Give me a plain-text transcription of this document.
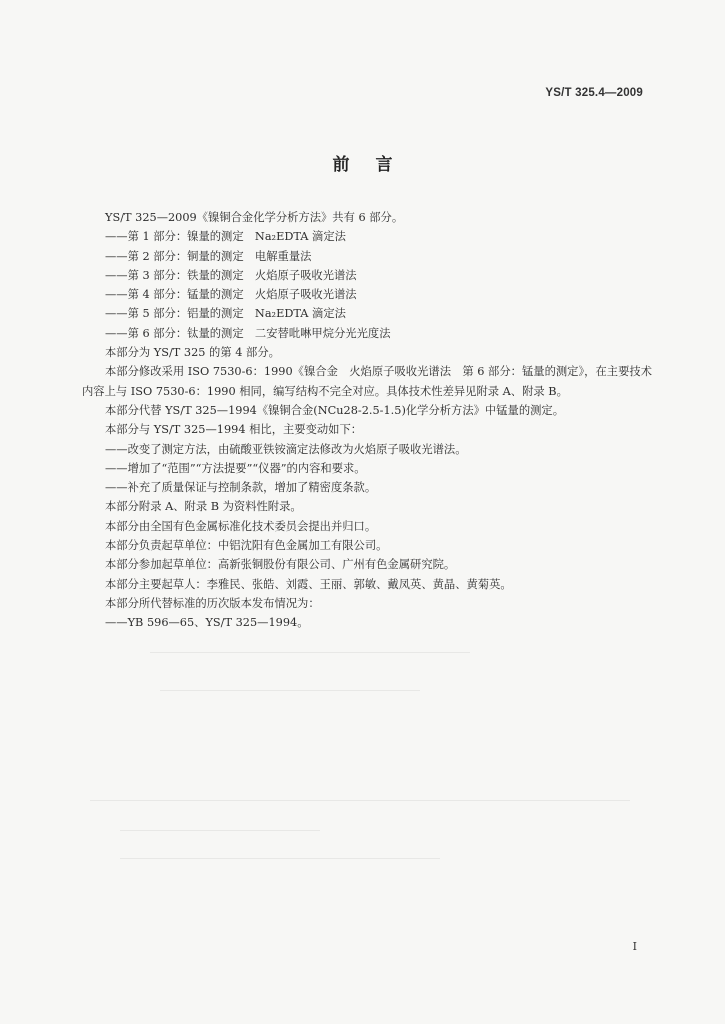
YS/T 325.4—2009
前言

YS/T 325—2009《镍铜合金化学分析方法》共有 6 部分。

——第 1 部分：镍量的测定　Na₂EDTA 滴定法

——第 2 部分：铜量的测定　电解重量法

——第 3 部分：铁量的测定　火焰原子吸收光谱法

——第 4 部分：锰量的测定　火焰原子吸收光谱法

——第 5 部分：铝量的测定　Na₂EDTA 滴定法

——第 6 部分：钛量的测定　二安替吡啉甲烷分光光度法

本部分为 YS/T 325 的第 4 部分。

本部分修改采用 ISO 7530-6：1990《镍合金　火焰原子吸收光谱法　第 6 部分：锰量的测定》，在主要技术内容上与 ISO 7530-6：1990 相同，编写结构不完全对应。具体技术性差异见附录 A、附录 B。

本部分代替 YS/T 325—1994《镍铜合金(NCu28-2.5-1.5)化学分析方法》中锰量的测定。

本部分与 YS/T 325—1994 相比，主要变动如下：

——改变了测定方法，由硫酸亚铁铵滴定法修改为火焰原子吸收光谱法。

——增加了“范围”“方法提要”“仪器”的内容和要求。

——补充了质量保证与控制条款，增加了精密度条款。

本部分附录 A、附录 B 为资料性附录。

本部分由全国有色金属标准化技术委员会提出并归口。

本部分负责起草单位：中铝沈阳有色金属加工有限公司。

本部分参加起草单位：高新张铜股份有限公司、广州有色金属研究院。

本部分主要起草人：李雅民、张皓、刘霞、王丽、郭敏、戴凤英、黄晶、黄菊英。

本部分所代替标准的历次版本发布情况为：

——YB 596—65、YS/T 325—1994。

I
